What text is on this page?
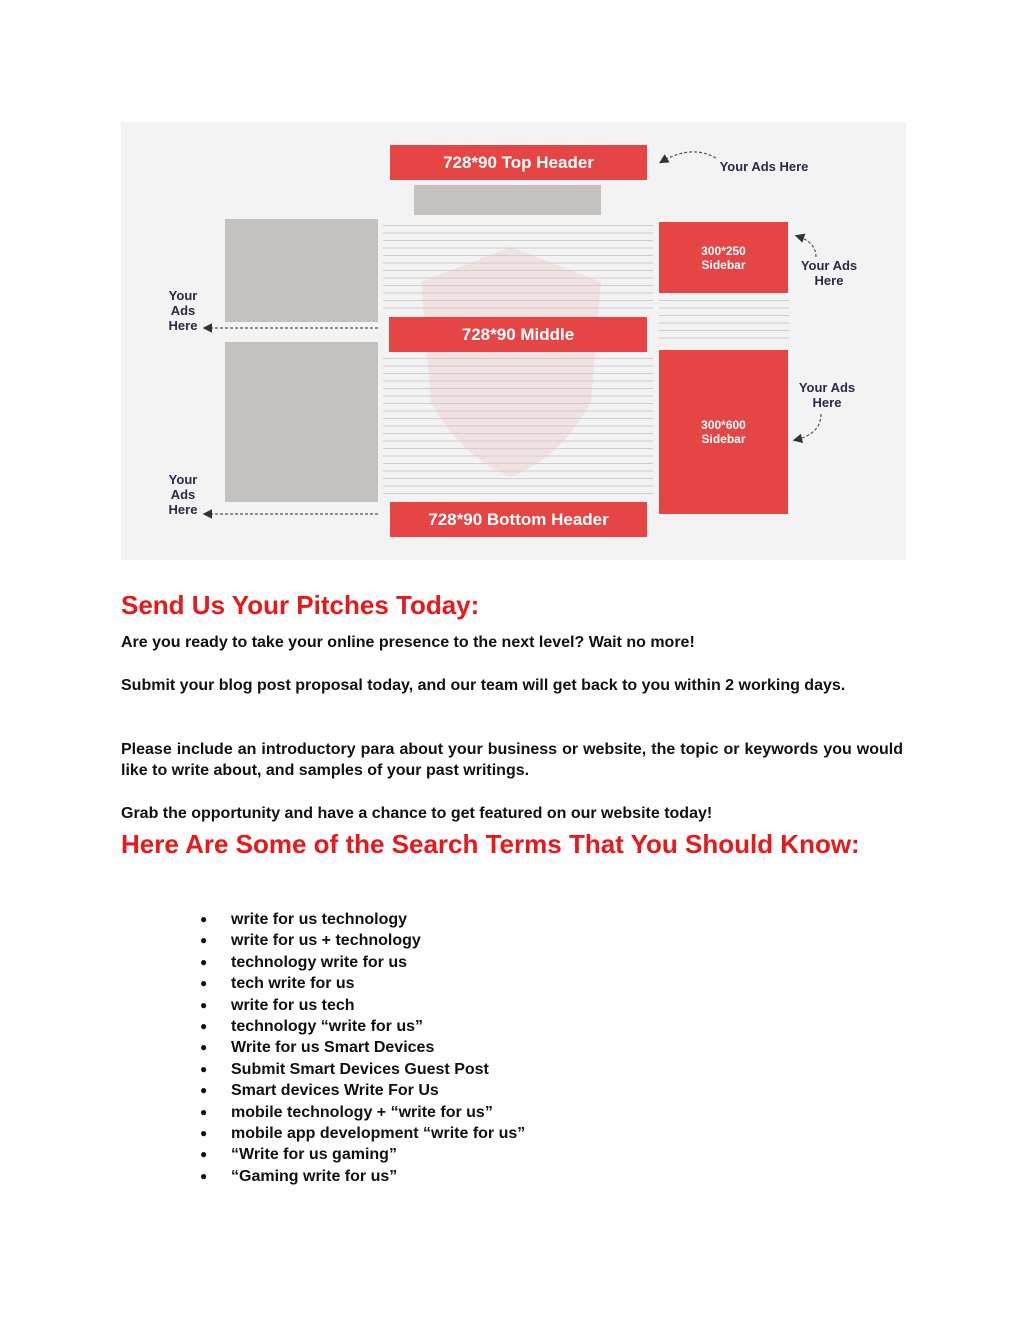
728*90 Top Header
728*90 Middle
728*90 Bottom Header
300*250
Sidebar
300*600
Sidebar
Your Ads Here
Your Ads
Here
Your Ads
Here
Your
Ads
Here
Your
Ads
Here
Send Us Your Pitches Today:

Are you ready to take your online presence to the next level? Wait no more!

Submit your blog post proposal today, and our team will get back to you within 2 working days.

Please include an introductory para about your business or website, the topic or keywords you would like to write about, and samples of your past writings.

Grab the opportunity and have a chance to get featured on our website today!

Here Are Some of the Search Terms That You Should Know:
● write for us technology
● write for us + technology
● technology write for us
● tech write for us
● write for us tech
● technology “write for us”
● Write for us Smart Devices
● Submit Smart Devices Guest Post
● Smart devices Write For Us
● mobile technology + “write for us”
● mobile app development “write for us”
● “Write for us gaming”
● “Gaming write for us”
